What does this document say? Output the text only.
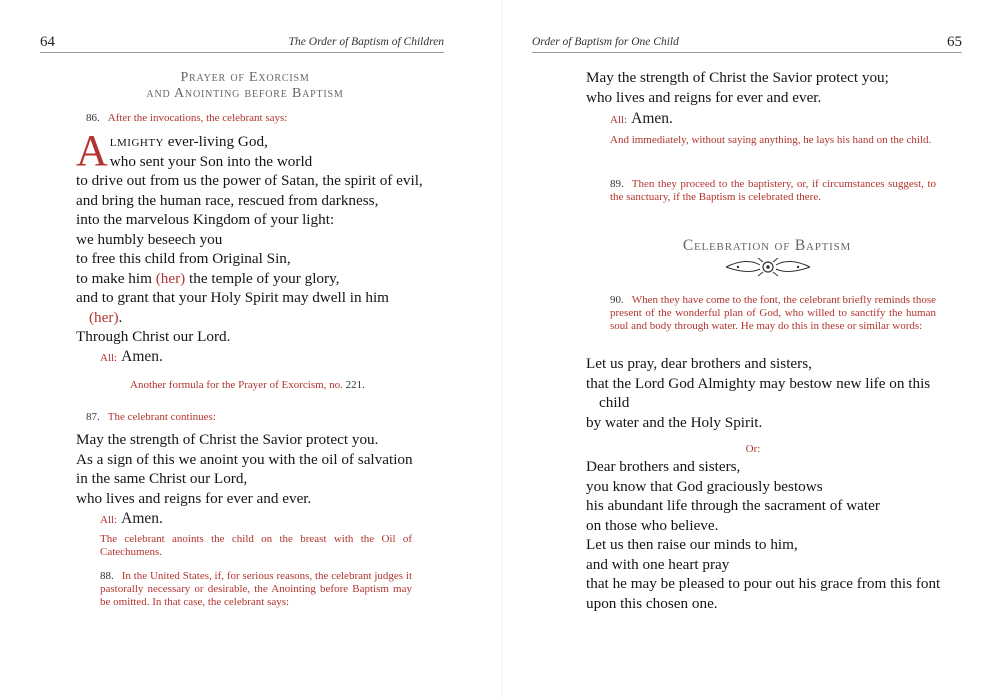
64	The Order of Baptism of Children
Prayer of Exorcism
and Anointing before Baptism
86. After the invocations, the celebrant says:
A lmighty ever-living God,
who sent your Son into the world
to drive out from us the power of Satan, the spirit of evil,
and bring the human race, rescued from darkness,
into the marvelous Kingdom of your light:
we humbly beseech you
to free this child from Original Sin,
to make him (her) the temple of your glory,
and to grant that your Holy Spirit may dwell in him
(her).
Through Christ our Lord.
All: Amen.
Another formula for the Prayer of Exorcism, no. 221.
87. The celebrant continues:
May the strength of Christ the Savior protect you.
As a sign of this we anoint you with the oil of salvation
in the same Christ our Lord,
who lives and reigns for ever and ever.
All: Amen.
The celebrant anoints the child on the breast with the Oil of Catechumens.
88. In the United States, if, for serious reasons, the celebrant judges it pastorally necessary or desirable, the Anointing before Baptism may be omitted. In that case, the celebrant says:
Order of Baptism for One Child	65
May the strength of Christ the Savior protect you;
who lives and reigns for ever and ever.
All: Amen.
And immediately, without saying anything, he lays his hand on the child.
89. Then they proceed to the baptistery, or, if circumstances suggest, to the sanctuary, if the Baptism is celebrated there.
Celebration of Baptism
90. When they have come to the font, the celebrant briefly reminds those present of the wonderful plan of God, who willed to sanctify the human soul and body through water. He may do this in these or similar words:
Let us pray, dear brothers and sisters,
that the Lord God Almighty may bestow new life on this
child
by water and the Holy Spirit.
Or:
Dear brothers and sisters,
you know that God graciously bestows
his abundant life through the sacrament of water
on those who believe.
Let us then raise our minds to him,
and with one heart pray
that he may be pleased to pour out his grace from this font
upon this chosen one.
